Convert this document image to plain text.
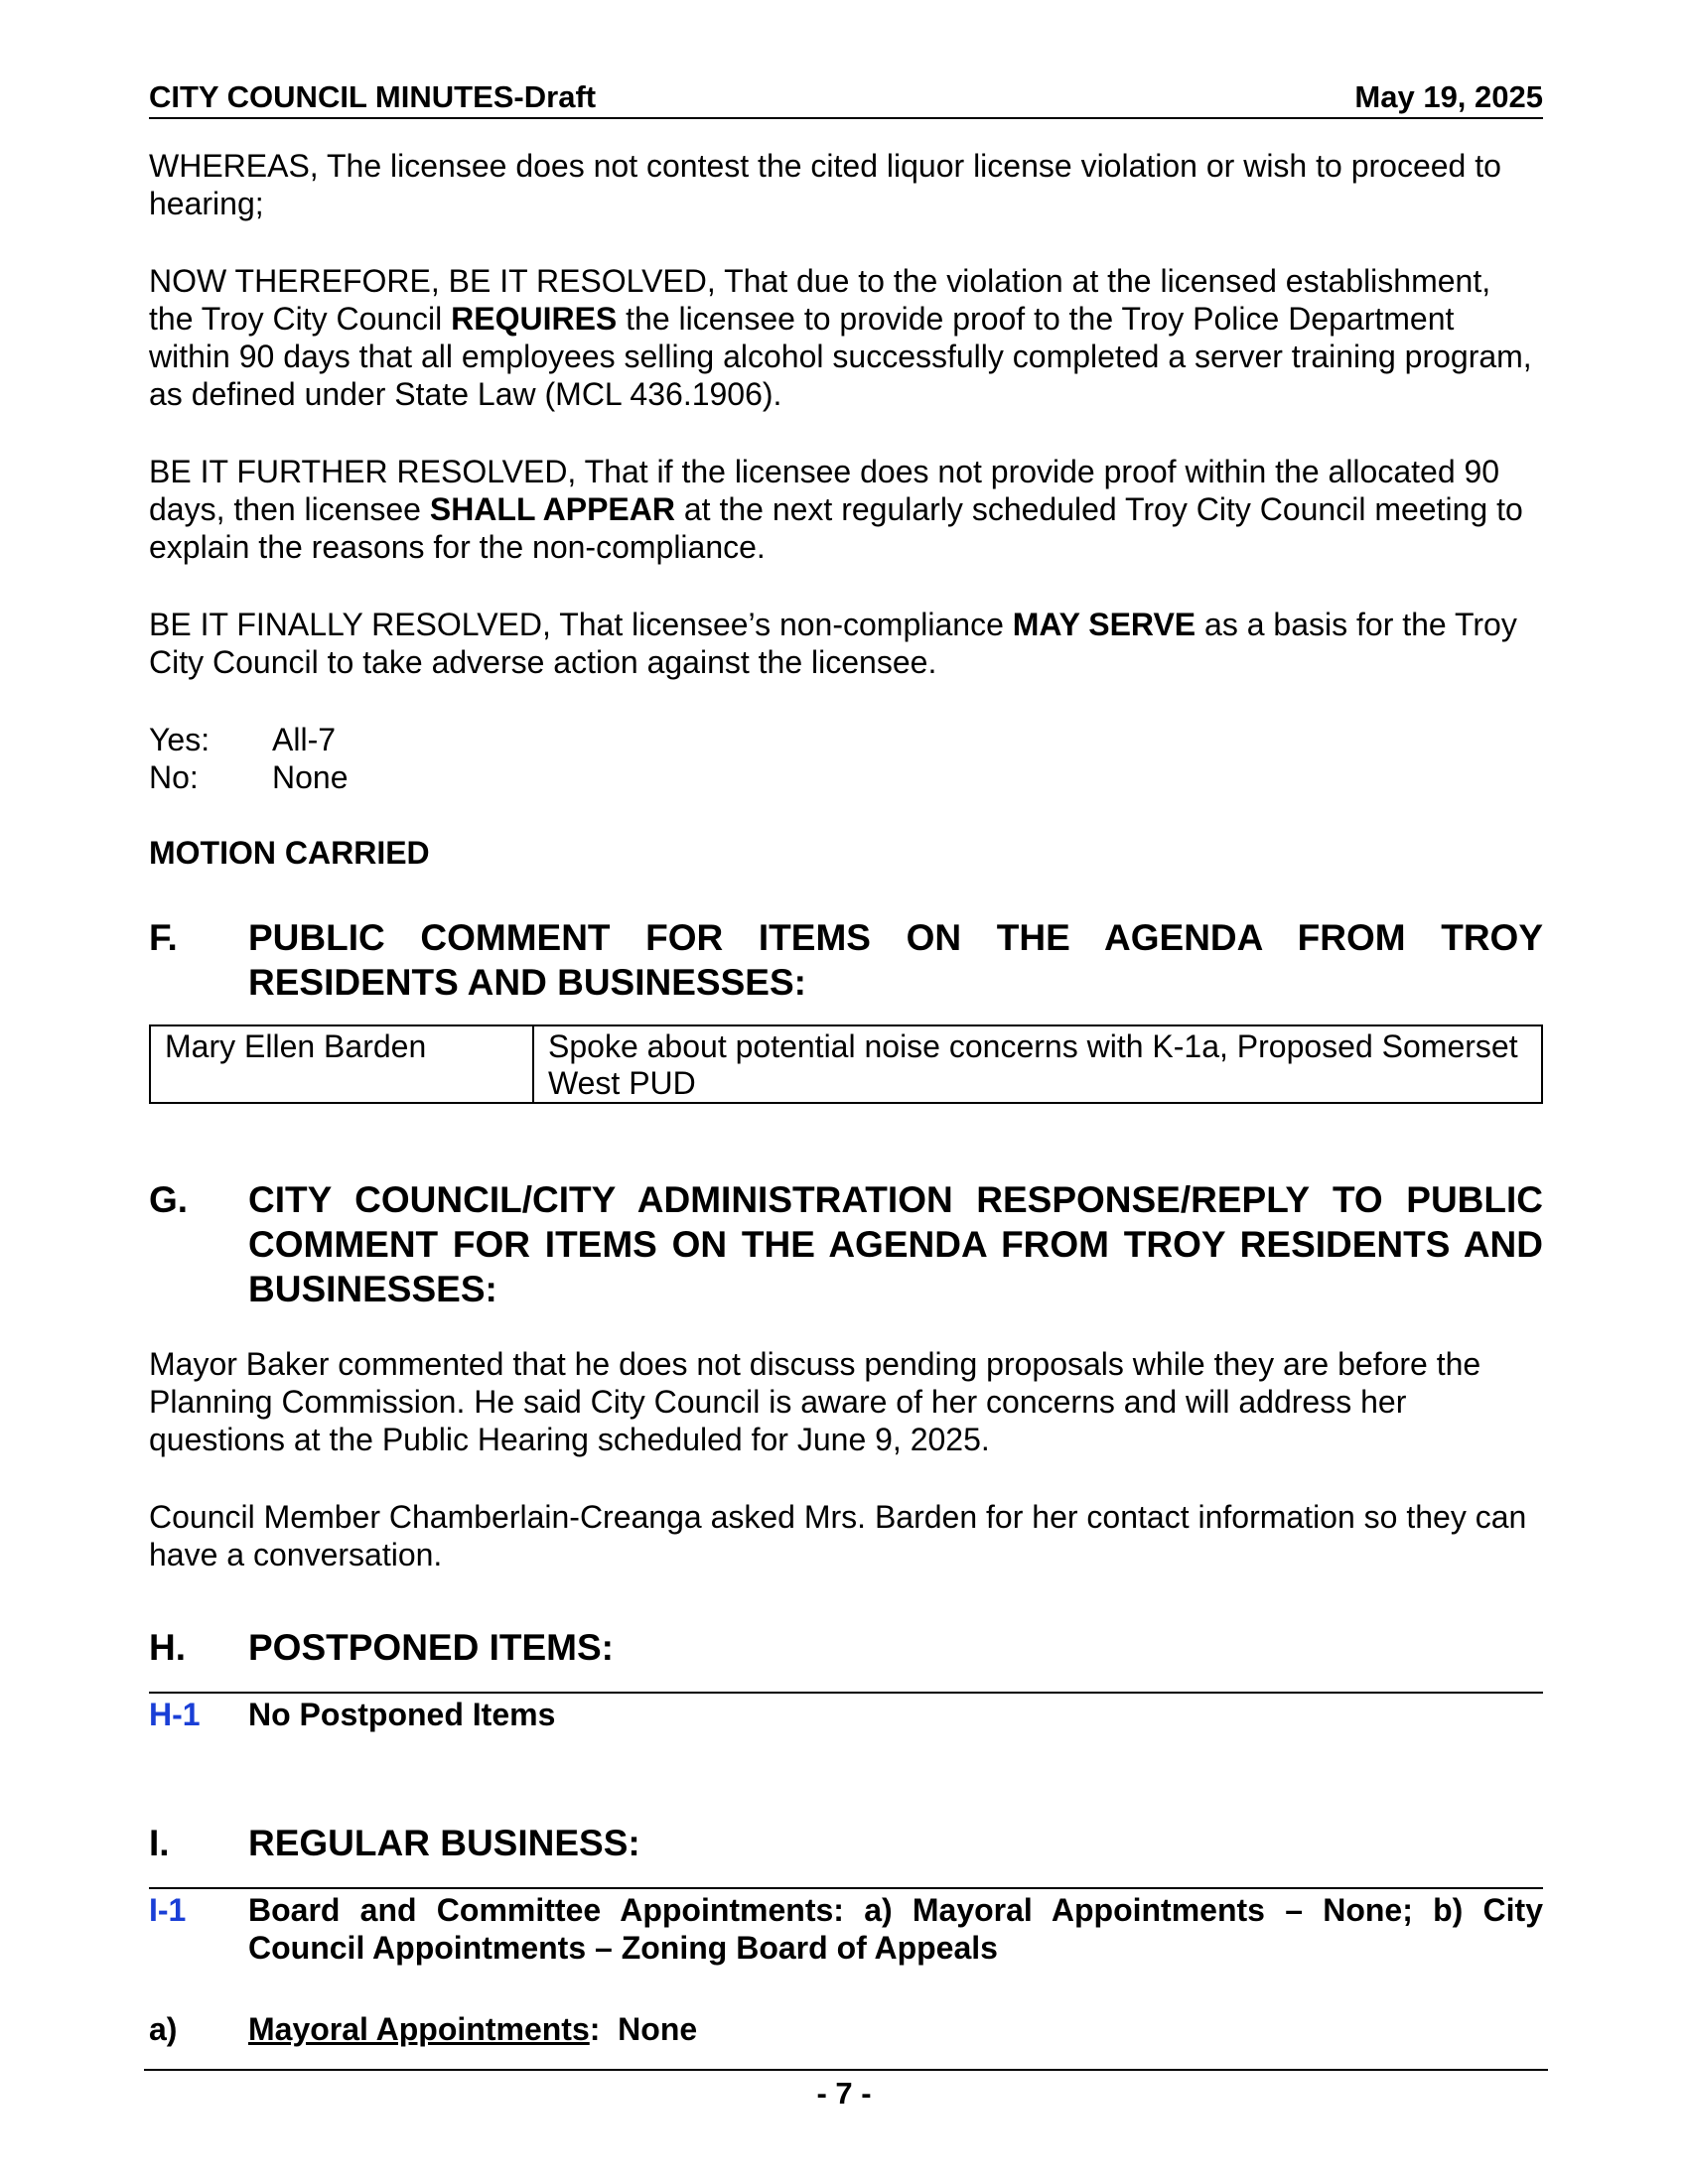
CITY COUNCIL MINUTES-Draft	May 19, 2025

WHEREAS, The licensee does not contest the cited liquor license violation or wish to proceed to hearing;

NOW THEREFORE, BE IT RESOLVED, That due to the violation at the licensed establishment, the Troy City Council REQUIRES the licensee to provide proof to the Troy Police Department within 90 days that all employees selling alcohol successfully completed a server training program, as defined under State Law (MCL 436.1906).

BE IT FURTHER RESOLVED, That if the licensee does not provide proof within the allocated 90 days, then licensee SHALL APPEAR at the next regularly scheduled Troy City Council meeting to explain the reasons for the non-compliance.

BE IT FINALLY RESOLVED, That licensee’s non-compliance MAY SERVE as a basis for the Troy City Council to take adverse action against the licensee.

Yes:	All-7
No:	None

MOTION CARRIED

F.	PUBLIC COMMENT FOR ITEMS ON THE AGENDA FROM TROY
RESIDENTS AND BUSINESSES:
Mary Ellen Barden	Spoke about potential noise concerns with K-1a, Proposed Somerset West PUD
G.	CITY COUNCIL/CITY ADMINISTRATION RESPONSE/REPLY TO PUBLIC COMMENT FOR ITEMS ON THE AGENDA FROM TROY RESIDENTS AND BUSINESSES:

Mayor Baker commented that he does not discuss pending proposals while they are before the Planning Commission. He said City Council is aware of her concerns and will address her questions at the Public Hearing scheduled for June 9, 2025.

Council Member Chamberlain-Creanga asked Mrs. Barden for her contact information so they can have a conversation.

H.	POSTPONED ITEMS:
H-1	No Postponed Items
I.	REGULAR BUSINESS:
I-1	Board and Committee Appointments: a) Mayoral Appointments – None; b) City Council Appointments – Zoning Board of Appeals
a)	Mayoral Appointments: None
- 7 -
